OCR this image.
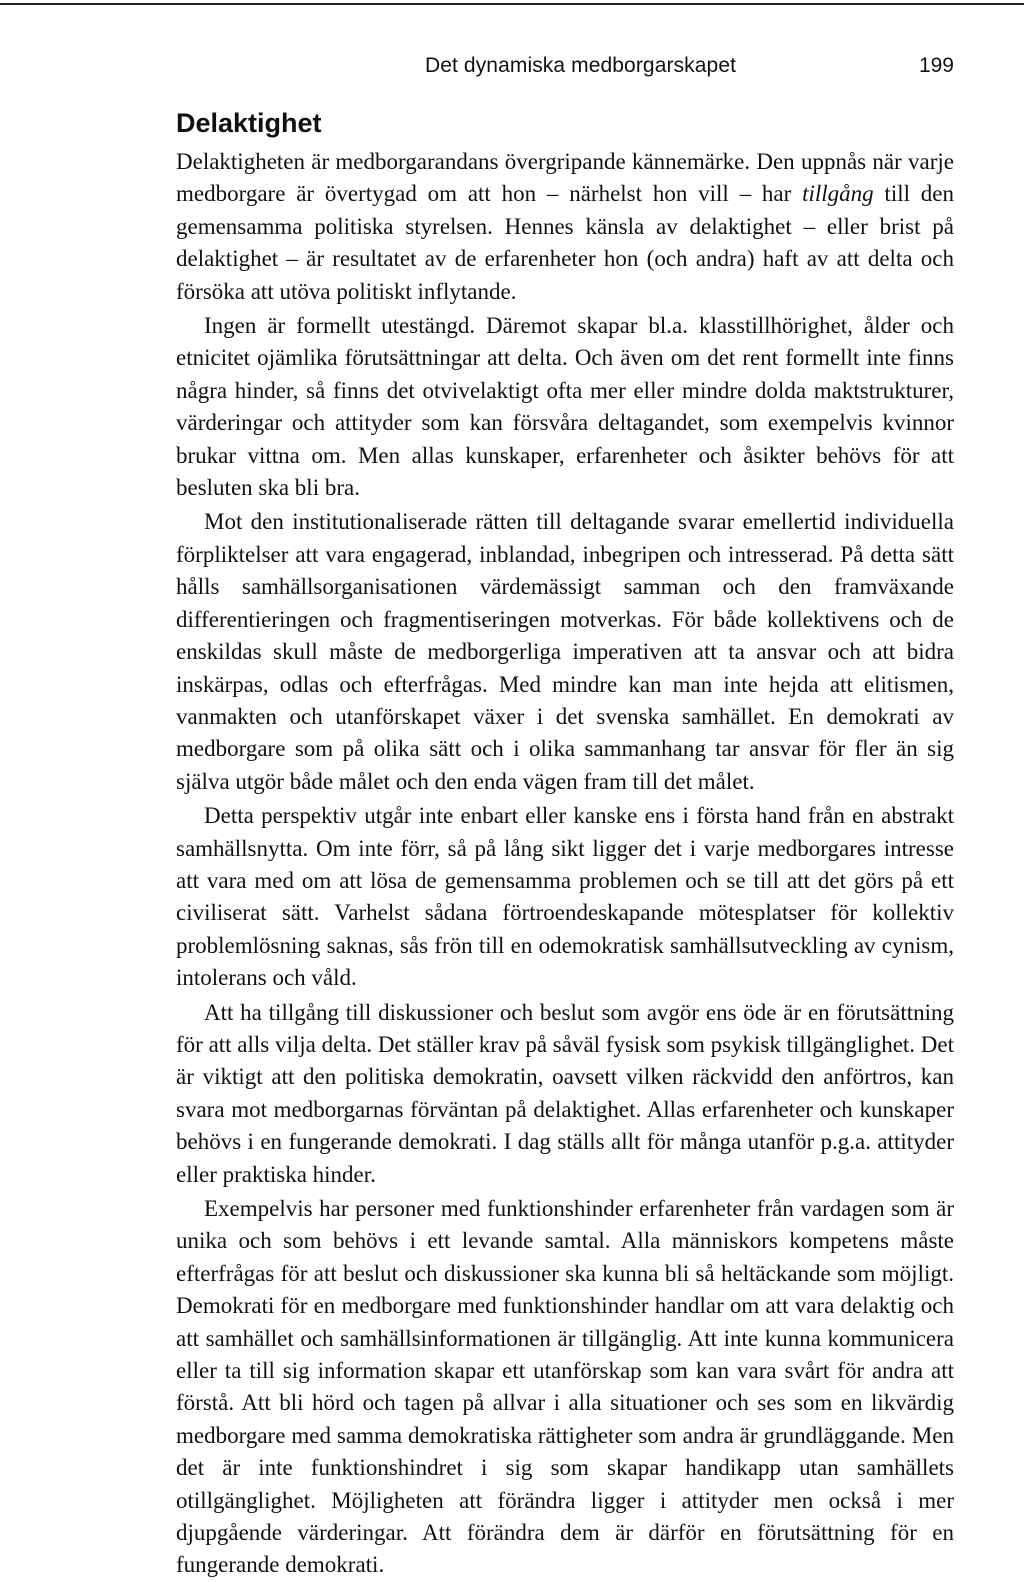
Det dynamiska medborgarskapet	199
Delaktighet

Delaktigheten är medborgarandans övergripande kännemärke. Den uppnås när varje medborgare är övertygad om att hon – närhelst hon vill – har tillgång till den gemensamma politiska styrelsen. Hennes känsla av delaktighet – eller brist på delaktighet – är resultatet av de erfarenheter hon (och andra) haft av att delta och försöka att utöva politiskt inflytande.

Ingen är formellt utestängd. Däremot skapar bl.a. klasstillhörighet, ålder och etnicitet ojämlika förutsättningar att delta. Och även om det rent formellt inte finns några hinder, så finns det otvivelaktigt ofta mer eller mindre dolda maktstrukturer, värderingar och attityder som kan försvåra deltagandet, som exempelvis kvinnor brukar vittna om. Men allas kunskaper, erfarenheter och åsikter behövs för att besluten ska bli bra.

Mot den institutionaliserade rätten till deltagande svarar emellertid individuella förpliktelser att vara engagerad, inblandad, inbegripen och intresserad. På detta sätt hålls samhällsorganisationen värdemässigt samman och den framväxande differentieringen och fragmentiseringen motverkas. För både kollektivens och de enskildas skull måste de medborgerliga imperativen att ta ansvar och att bidra inskärpas, odlas och efterfrågas. Med mindre kan man inte hejda att elitismen, vanmakten och utanförskapet växer i det svenska samhället. En demokrati av medborgare som på olika sätt och i olika sammanhang tar ansvar för fler än sig själva utgör både målet och den enda vägen fram till det målet.

Detta perspektiv utgår inte enbart eller kanske ens i första hand från en abstrakt samhällsnytta. Om inte förr, så på lång sikt ligger det i varje medborgares intresse att vara med om att lösa de gemensamma problemen och se till att det görs på ett civiliserat sätt. Varhelst sådana förtroendeskapande mötesplatser för kollektiv problemlösning saknas, sås frön till en odemokratisk samhällsutveckling av cynism, intolerans och våld.

Att ha tillgång till diskussioner och beslut som avgör ens öde är en förutsättning för att alls vilja delta. Det ställer krav på såväl fysisk som psykisk tillgänglighet. Det är viktigt att den politiska demokratin, oavsett vilken räckvidd den anförtros, kan svara mot medborgarnas förväntan på delaktighet. Allas erfarenheter och kunskaper behövs i en fungerande demokrati. I dag ställs allt för många utanför p.g.a. attityder eller praktiska hinder.

Exempelvis har personer med funktionshinder erfarenheter från vardagen som är unika och som behövs i ett levande samtal. Alla människors kompetens måste efterfrågas för att beslut och diskussioner ska kunna bli så heltäckande som möjligt. Demokrati för en medborgare med funktionshinder handlar om att vara delaktig och att samhället och samhällsinformationen är tillgänglig. Att inte kunna kommunicera eller ta till sig information skapar ett utanförskap som kan vara svårt för andra att förstå. Att bli hörd och tagen på allvar i alla situationer och ses som en likvärdig medborgare med samma demokratiska rättigheter som andra är grundläggande. Men det är inte funktionshindret i sig som skapar handikapp utan samhällets otillgänglighet. Möjligheten att förändra ligger i attityder men också i mer djupgående värderingar. Att förändra dem är därför en förutsättning för en fungerande demokrati.
